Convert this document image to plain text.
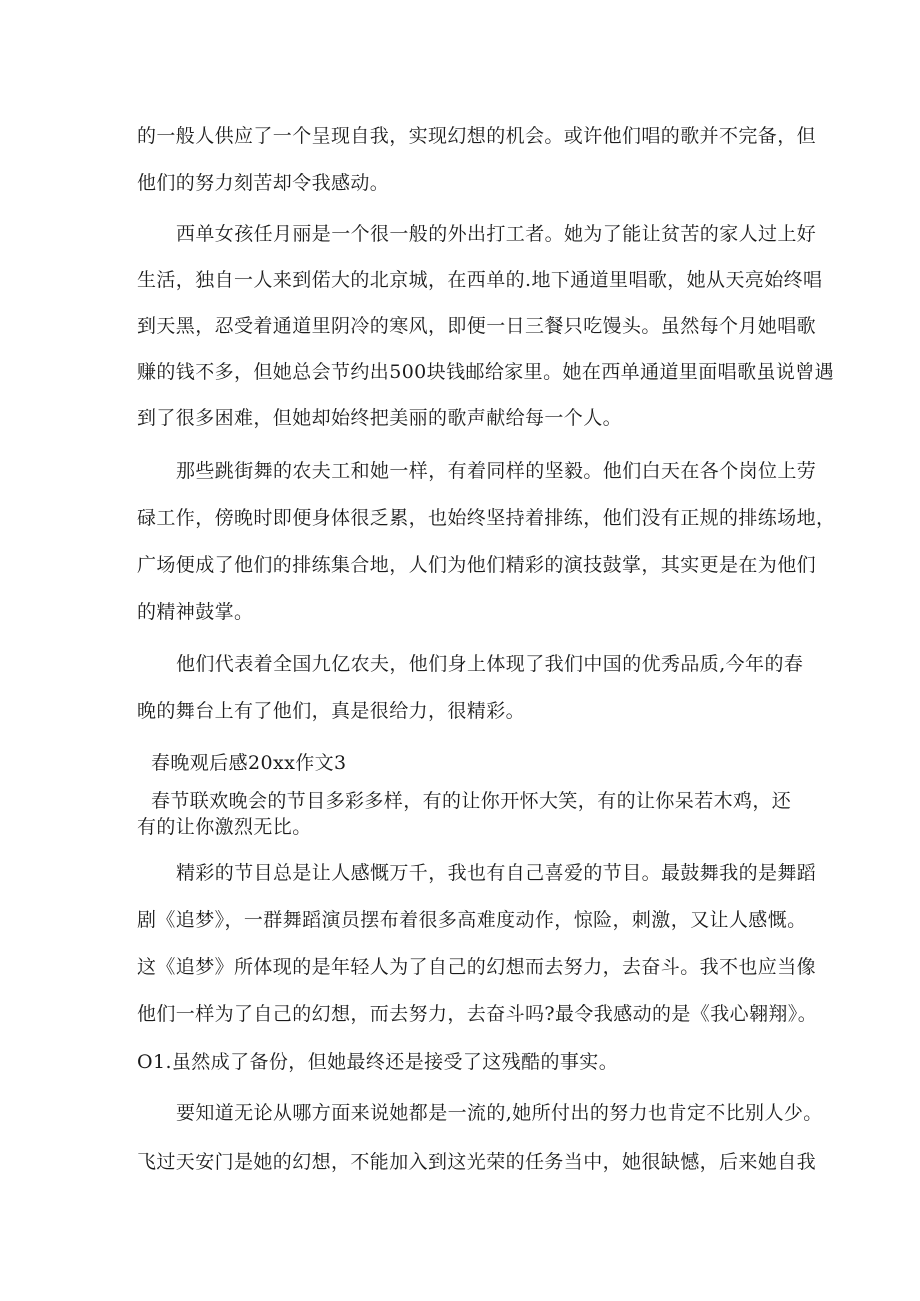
的一般人供应了一个呈现自我，实现幻想的机会。或许他们唱的歌并不完备，但
他们的努力刻苦却令我感动。
西单女孩任月丽是一个很一般的外出打工者。她为了能让贫苦的家人过上好
生活，独自一人来到偌大的北京城，在西单的.地下通道里唱歌，她从天亮始终唱
到天黑，忍受着通道里阴冷的寒风，即便一日三餐只吃馒头。虽然每个月她唱歌
赚的钱不多，但她总会节约出500块钱邮给家里。她在西单通道里面唱歌虽说曾遇
到了很多困难，但她却始终把美丽的歌声献给每一个人。
那些跳街舞的农夫工和她一样，有着同样的坚毅。他们白天在各个岗位上劳
碌工作，傍晚时即便身体很乏累，也始终坚持着排练，他们没有正规的排练场地，
广场便成了他们的排练集合地，人们为他们精彩的演技鼓掌，其实更是在为他们
的精神鼓掌。
他们代表着全国九亿农夫，他们身上体现了我们中国的优秀品质,今年的春
晚的舞台上有了他们，真是很给力，很精彩。
春晚观后感20xx作文3
春节联欢晚会的节目多彩多样，有的让你开怀大笑，有的让你呆若木鸡，还
有的让你激烈无比。
精彩的节目总是让人感慨万千，我也有自己喜爱的节目。最鼓舞我的是舞蹈
剧《追梦》，一群舞蹈演员摆布着很多高难度动作，惊险，刺激，又让人感慨。
这《追梦》所体现的是年轻人为了自己的幻想而去努力，去奋斗。我不也应当像
他们一样为了自己的幻想，而去努力，去奋斗吗?最令我感动的是《我心翱翔》。
O1.虽然成了备份，但她最终还是接受了这残酷的事实。
要知道无论从哪方面来说她都是一流的,她所付出的努力也肯定不比别人少。
飞过天安门是她的幻想，不能加入到这光荣的任务当中，她很缺憾，后来她自我
